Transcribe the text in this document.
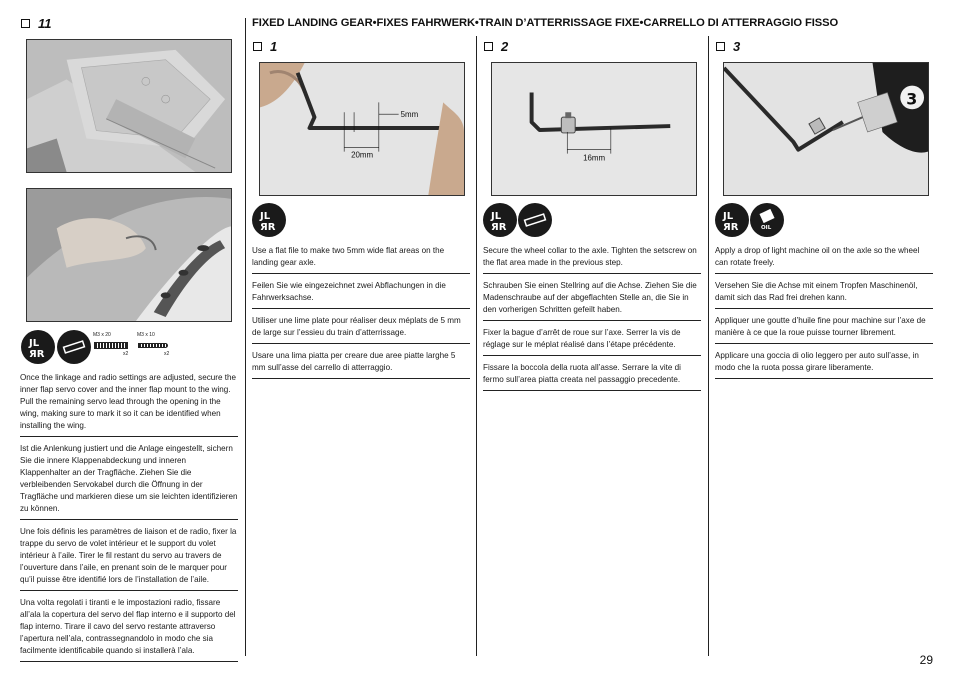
11
JL
ЯR
M3 x 20
x2
M3 x 10
x2
Once the linkage and radio settings are adjusted, secure the inner flap servo cover and the inner flap mount to the wing. Pull the remaining servo lead through the opening in the wing, making sure to mark it so it can be identified when installing the wing.
Ist die Anlenkung justiert und die Anlage eingestellt, sichern Sie die innere Klappenabdeckung und inneren Klappenhalter an der Tragfläche. Ziehen Sie die verbleibenden Servokabel durch die Öffnung in der Tragfläche und markieren diese um sie leichten identifizieren zu können.
Une fois définis les paramètres de liaison et de radio, fixer la trappe du servo de volet intérieur et le support du volet intérieur à l’aile. Tirer le fil restant du servo au travers de l’ouverture dans l’aile, en prenant soin de le marquer pour qu’il puisse être identifié lors de l’installation de l’aile.
Una volta regolati i tiranti e le impostazioni radio, fissare all’ala la copertura del servo del flap interno e il supporto del flap interno. Tirare il cavo del servo restante attraverso l’apertura nell’ala, contrassegnandolo in modo che sia facilmente identificabile quando si installerà l’ala.
FIXED LANDING GEAR•FIXES FAHRWERK•TRAIN D’ATTERRISSAGE FIXE•CARRELLO DI ATTERRAGGIO FISSO
1
5mm
20mm
JL
ЯR
Use a flat file to make two 5mm wide flat areas on the landing gear axle.
Feilen Sie wie eingezeichnet zwei Abflachungen in die Fahrwerksachse.
Utiliser une lime plate pour réaliser deux méplats de 5 mm de large sur l’essieu du train d’atterrissage.
Usare una lima piatta per creare due aree piatte larghe 5 mm sull’asse del carrello di atterraggio.
2
16mm
JL
ЯR
Secure the wheel collar to the axle. Tighten the setscrew on the flat area made in the previous step.
Schrauben Sie einen Stellring auf die Achse. Ziehen Sie die Madenschraube auf der abgeflachten Stelle an, die Sie in den vorherigen Schritten gefeilt haben.
Fixer la bague d’arrêt de roue sur l’axe. Serrer la vis de réglage sur le méplat réalisé dans l’étape précédente.
Fissare la boccola della ruota all’asse. Serrare la vite di fermo sull’area piatta creata nel passaggio precedente.
3
3
JL
ЯR	OIL
Apply a drop of light machine oil on the axle so the wheel can rotate freely.
Versehen Sie die Achse mit einem Tropfen Maschinenöl, damit sich das Rad frei drehen kann.
Appliquer une goutte d’huile fine pour machine sur l’axe de manière à ce que la roue puisse tourner librement.
Applicare una goccia di olio leggero per auto sull’asse, in modo che la ruota possa girare liberamente.
29
